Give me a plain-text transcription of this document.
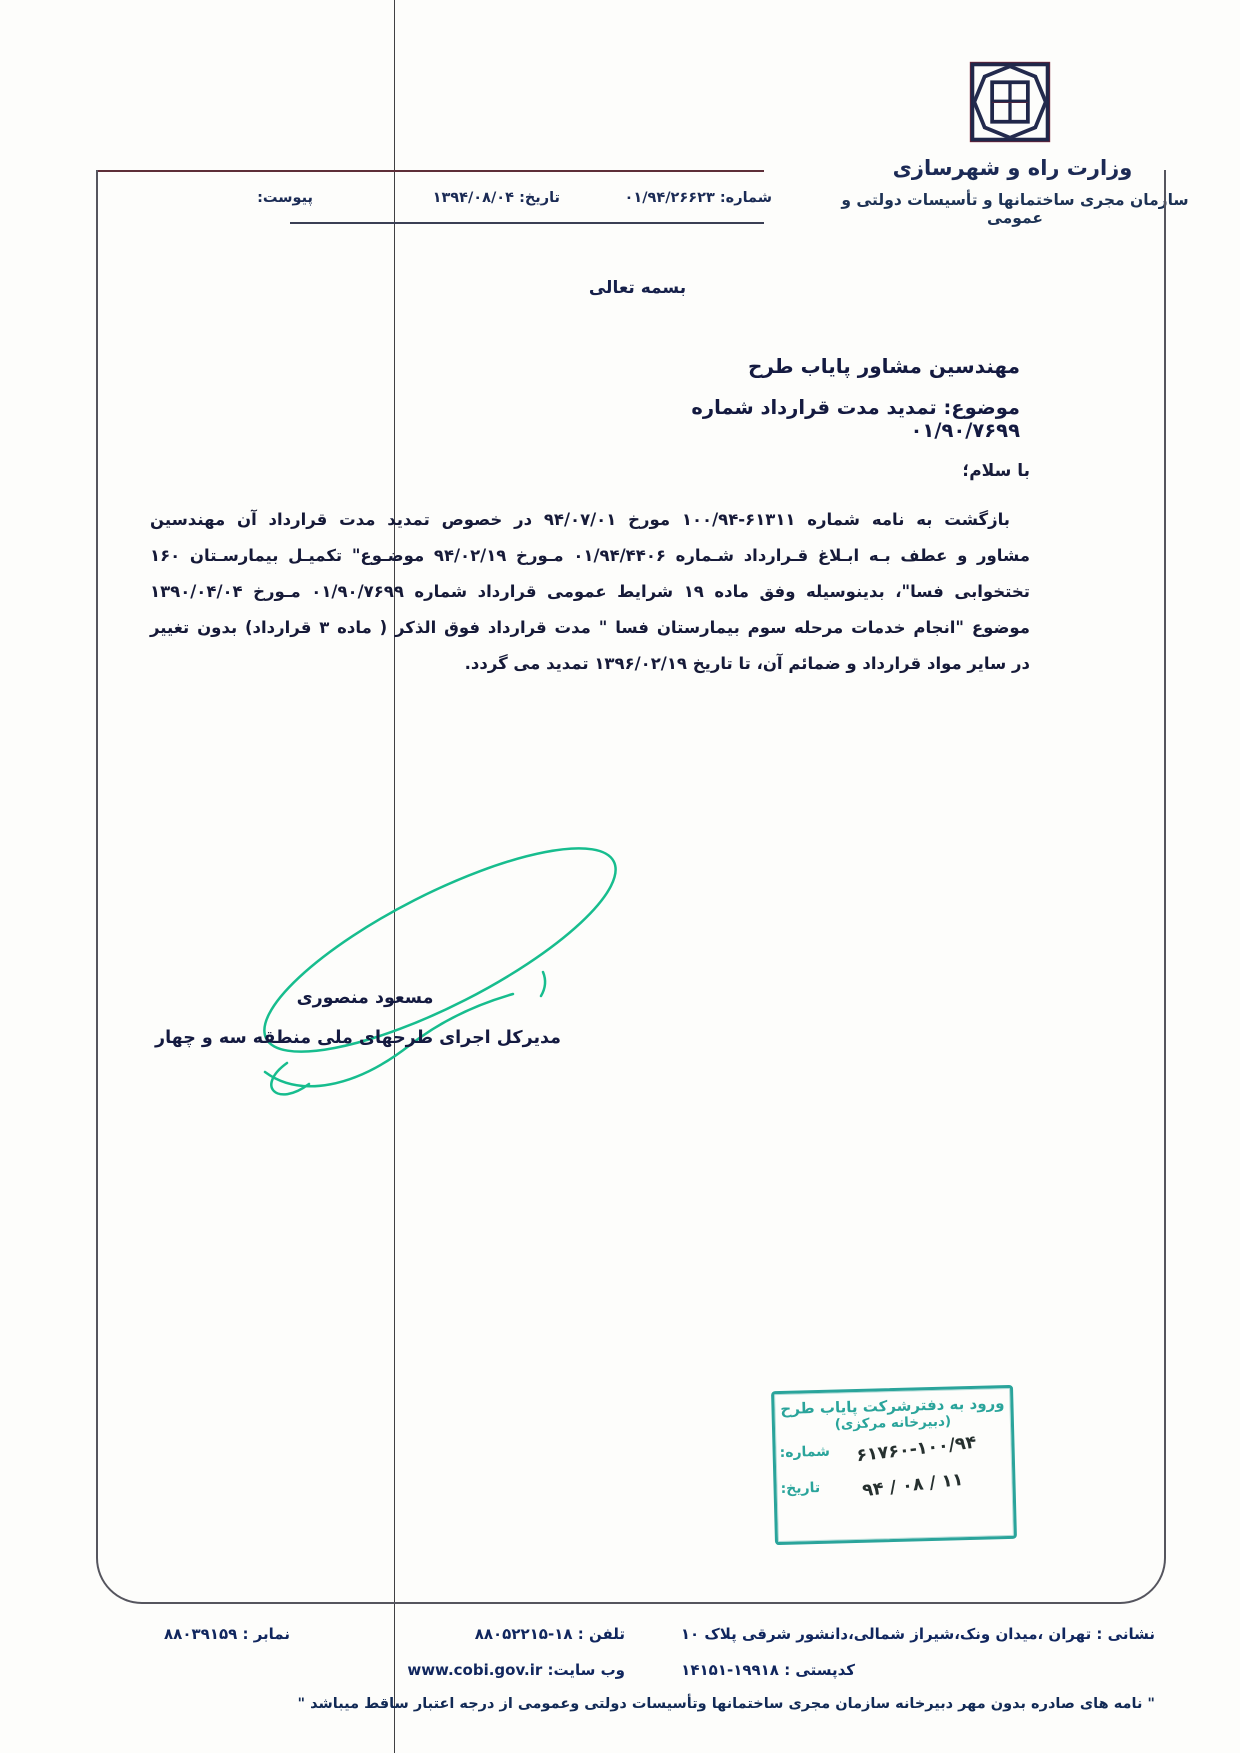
وزارت راه و شهرسازی
سازمان مجری ساختمانها و تأسیسات دولتی و عمومی
شماره: ۰۱/۹۴/۲۶۶۲۳
تاریخ: ۱۳۹۴/۰۸/۰۴
پیوست:
بسمه تعالی
مهندسین مشاور پایاب طرح
موضوع: تمدید مدت قرارداد شماره ۰۱/۹۰/۷۶۹۹
با سلام؛
بازگشت به نامه شماره ۶۱۳۱۱-۱۰۰/۹۴ مورخ ۹۴/۰۷/۰۱ در خصوص تمدید مدت قرارداد آن مهندسین
مشاور و عطف بـه ابـلاغ قـرارداد شـماره ۰۱/۹۴/۴۴۰۶ مـورخ ۹۴/۰۲/۱۹ موضـوع" تکمیـل بیمارسـتان ۱۶۰
تختخوابی فسا"، بدینوسیله وفق ماده ۱۹ شرایط عمومی قرارداد شماره ۰۱/۹۰/۷۶۹۹ مـورخ ۱۳۹۰/۰۴/۰۴
موضوع "انجام خدمات مرحله سوم بیمارستان فسا " مدت قرارداد فوق الذکر ( ماده ۳ قرارداد) بدون تغییر
در سایر مواد قرارداد و ضمائم آن، تا تاریخ ۱۳۹۶/۰۲/۱۹ تمدید می گردد.
مسعود منصوری
مدیرکل اجرای طرحهای ملی منطقه سه و چهار
ورود به دفترشرکت پایاب طرح
(دبیرخانه مرکزی)
شماره:	۶۱۷۶۰-۱۰۰/۹۴
تاریخ:	۱۱ / ۰۸ / ۹۴
نشانی : تهران ،میدان ونک،شیراز شمالی،دانشور شرقی پلاک ۱۰
تلفن : ۱۸-۸۸۰۵۲۲۱۵
نمابر : ۸۸۰۳۹۱۵۹
کدپستی : ۱۹۹۱۸-۱۴۱۵۱
وب سایت: www.cobi.gov.ir
" نامه های صادره بدون مهر دبیرخانه سازمان مجری ساختمانها وتأسیسات دولتی وعمومی از درجه اعتبار ساقط میباشد "
